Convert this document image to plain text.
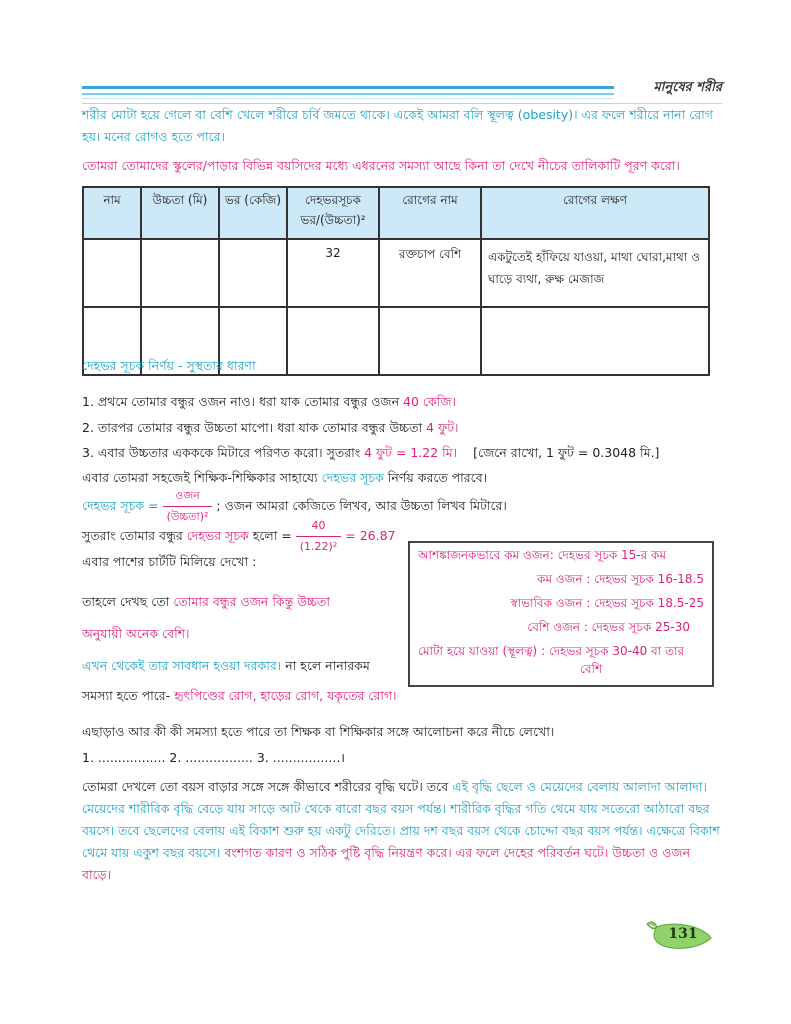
মানুষের শরীর
শরীর মোটা হয়ে গেলে বা বেশি খেলে শরীরে চর্বি জমতে থাকে। একেই আমরা বলি স্থূলত্ব (obesity)। এর ফলে শরীরে নানা রোগ হয়। মনের রোগও হতে পারে।
তোমরা তোমাদের স্কুলের/পাড়ার বিভিন্ন বয়সিদের মধ্যে এধরনের সমস্যা আছে কিনা তা দেখে নীচের তালিকাটি পূরণ করো।
নাম	উচ্চতা (মি)	ভর (কেজি)	দেহভরসূচক ভর/(উচ্চতা)²	রোগের নাম	রোগের লক্ষণ
			32	রক্তচাপ বেশি	একটুতেই হাঁফিয়ে যাওয়া, মাথা ঘোরা,মাথা ও ঘাড়ে ব্যথা, রুক্ষ মেজাজ

দেহভর সূচক নির্ণয় - সুস্থতার ধারণা
1. প্রথমে তোমার বন্ধুর ওজন নাও। ধরা যাক তোমার বন্ধুর ওজন 40 কেজি।
2. তারপর তোমার বন্ধুর উচ্চতা মাপো। ধরা যাক তোমার বন্ধুর উচ্চতা 4 ফুট।
3. এবার উচ্চতার একককে মিটারে পরিণত করো। সুতরাং 4 ফুট = 1.22 মি। [জেনে রাখো, 1 ফুট = 0.3048 মি.]
এবার তোমরা সহজেই শিক্ষিক-শিক্ষিকার সাহায্যে দেহভর সূচক নির্ণয় করতে পারবে।
দেহভর সূচক = $\frac{\text{ওজন}}{\text{(উচ্চতা)²}}$ ; ওজন আমরা কেজিতে লিখব, আর উচ্চতা লিখব মিটারে।
সুতরাং তোমার বন্ধুর দেহভর সূচক হলো = $\frac{40}{\text{(1.22)²}} = 26.87$
এবার পাশের চার্টটি মিলিয়ে দেখো :
তাহলে দেখছ তো তোমার বন্ধুর ওজন কিন্তু উচ্চতা
অনুযায়ী অনেক বেশি।
এখন থেকেই তার সাবধান হওয়া দরকার। না হলে নানারকম
সমস্যা হতে পারে- হৃৎপিণ্ডের রোগ, হাড়ের রোগ, যকৃতের রোগ।
আশঙ্কাজনকভাবে কম ওজন: দেহভর সূচক 15-র কম
কম ওজন : দেহভর সূচক 16-18.5
স্বাভাবিক ওজন : দেহভর সূচক 18.5-25
বেশি ওজন : দেহভর সূচক 25-30
মোটা হয়ে যাওয়া (স্থূলত্ব) : দেহভর সূচক 30-40 বা তার
বেশি
এছাড়াও আর কী কী সমস্যা হতে পারে তা শিক্ষক বা শিক্ষিকার সঙ্গে আলোচনা করে নীচে লেখো।
1. ................. 2. ................. 3. .................।
তোমরা দেখলে তো বয়স বাড়ার সঙ্গে সঙ্গে কীভাবে শরীরের বৃদ্ধি ঘটে। তবে এই বৃদ্ধি ছেলে ও মেয়েদের বেলায় আলাদা আলাদা। মেয়েদের শারীরিক বৃদ্ধি বেড়ে যায় সাড়ে আট থেকে বারো বছর বয়স পর্যন্ত। শারীরিক বৃদ্ধির গতি থেমে যায় সতেরো আঠারো বছর বয়সে। তবে ছেলেদের বেলায় এই বিকাশ শুরু হয় একটু দেরিতে। প্রায় দশ বছর বয়স থেকে চোদ্দো বছর বয়স পর্যন্ত। এক্ষেত্রে বিকাশ থেমে যায় একুশ বছর বয়সে। বংশগত কারণ ও সঠিক পুষ্টি বৃদ্ধি নিয়ন্ত্রণ করে। এর ফলে দেহের পরিবর্তন ঘটে। উচ্চতা ও ওজন বাড়ে।
131
